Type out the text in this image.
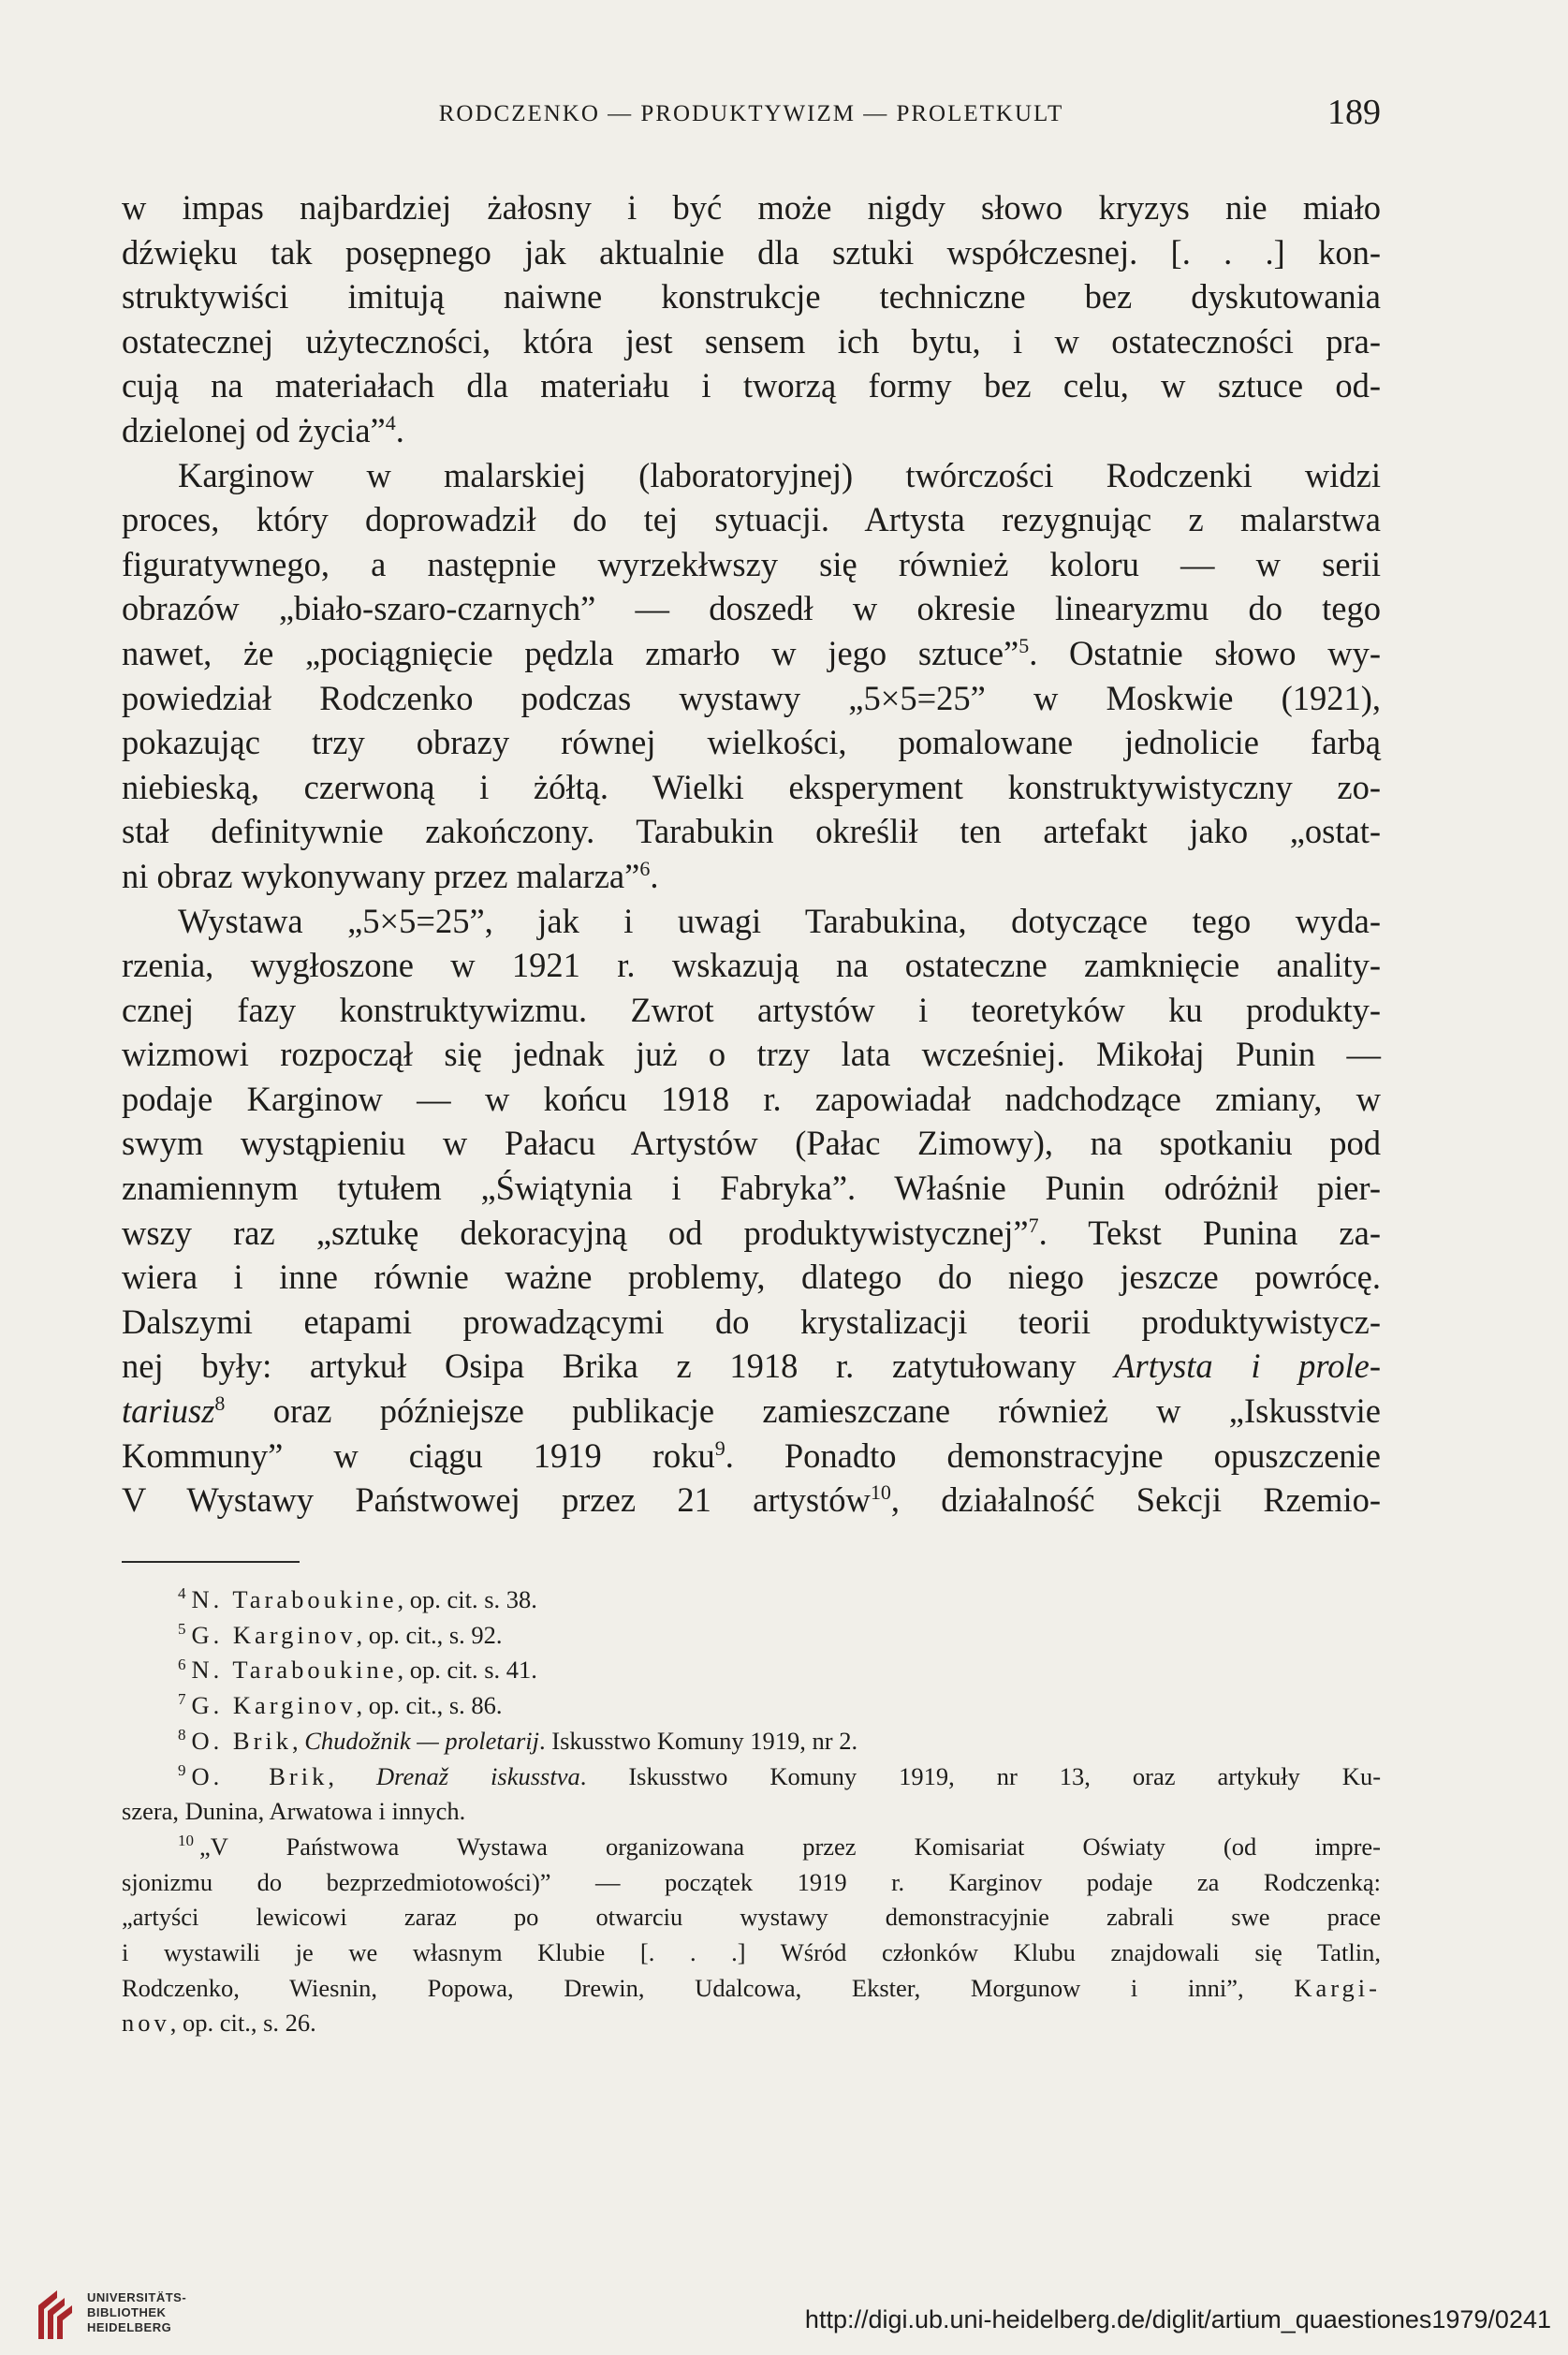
RODCZENKO — PRODUKTYWIZM — PROLETKULT	189

w impas najbardziej żałosny i być może nigdy słowo kryzys nie miało
dźwięku tak posępnego jak aktualnie dla sztuki współczesnej. [. . .] kon-
struktywiści imitują naiwne konstrukcje techniczne bez dyskutowania
ostatecznej użyteczności, która jest sensem ich bytu, i w ostateczności pra-
cują na materiałach dla materiału i tworzą formy bez celu, w sztuce od-
dzielonej od życia”$^4$.

Karginow w malarskiej (laboratoryjnej) twórczości Rodczenki widzi
proces, który doprowadził do tej sytuacji. Artysta rezygnując z malarstwa
figuratywnego, a następnie wyrzekłwszy się również koloru — w serii
obrazów „biało-szaro-czarnych” — doszedł w okresie linearyzmu do tego
nawet, że „pociągnięcie pędzla zmarło w jego sztuce”$^5$. Ostatnie słowo wy-
powiedział Rodczenko podczas wystawy „5×5=25” w Moskwie (1921),
pokazując trzy obrazy równej wielkości, pomalowane jednolicie farbą
niebieską, czerwoną i żółtą. Wielki eksperyment konstruktywistyczny zo-
stał definitywnie zakończony. Tarabukin określił ten artefakt jako „ostat-
ni obraz wykonywany przez malarza”$^6$.

Wystawa „5×5=25”, jak i uwagi Tarabukina, dotyczące tego wyda-
rzenia, wygłoszone w 1921 r. wskazują na ostateczne zamknięcie anality-
cznej fazy konstruktywizmu. Zwrot artystów i teoretyków ku produkty-
wizmowi rozpoczął się jednak już o trzy lata wcześniej. Mikołaj Punin —
podaje Karginow — w końcu 1918 r. zapowiadał nadchodzące zmiany, w
swym wystąpieniu w Pałacu Artystów (Pałac Zimowy), na spotkaniu pod
znamiennym tytułem „Świątynia i Fabryka”. Właśnie Punin odróżnił pier-
wszy raz „sztukę dekoracyjną od produktywistycznej”$^7$. Tekst Punina za-
wiera i inne równie ważne problemy, dlatego do niego jeszcze powrócę.
Dalszymi etapami prowadzącymi do krystalizacji teorii produktywistycz-
nej były: artykuł Osipa Brika z 1918 r. zatytułowany Artysta i prole-
tariusz$^8$ oraz późniejsze publikacje zamieszczane również w „Iskusstvie
Kommuny” w ciągu 1919 roku$^9$. Ponadto demonstracyjne opuszczenie
V Wystawy Państwowej przez 21 artystów$^{10}$, działalność Sekcji Rzemio-

$^4$ N. Taraboukine, op. cit. s. 38.

$^5$ G. Karginov, op. cit., s. 92.

$^6$ N. Taraboukine, op. cit. s. 41.

$^7$ G. Karginov, op. cit., s. 86.

$^8$ O. Brik, Chudožnik — proletarij. Iskusstwo Komuny 1919, nr 2.

$^9$ O. Brik, Drenaž iskusstva. Iskusstwo Komuny 1919, nr 13, oraz artykuły Ku-
szera, Dunina, Arwatowa i innych.

$^{10}$ „V Państwowa Wystawa organizowana przez Komisariat Oświaty (od impre-
sjonizmu do bezprzedmiotowości)” — początek 1919 r. Karginov podaje za Rodczenką:
„artyści lewicowi zaraz po otwarciu wystawy demonstracyjnie zabrali swe prace
i wystawili je we własnym Klubie [. . .] Wśród członków Klubu znajdowali się Tatlin,
Rodczenko, Wiesnin, Popowa, Drewin, Udalcowa, Ekster, Morgunow i inni”, Kargi-
nov, op. cit., s. 26.

UNIVERSITÄTS-
BIBLIOTHEK
HEIDELBERG	http://digi.ub.uni-heidelberg.de/diglit/artium_quaestiones1979/0241
